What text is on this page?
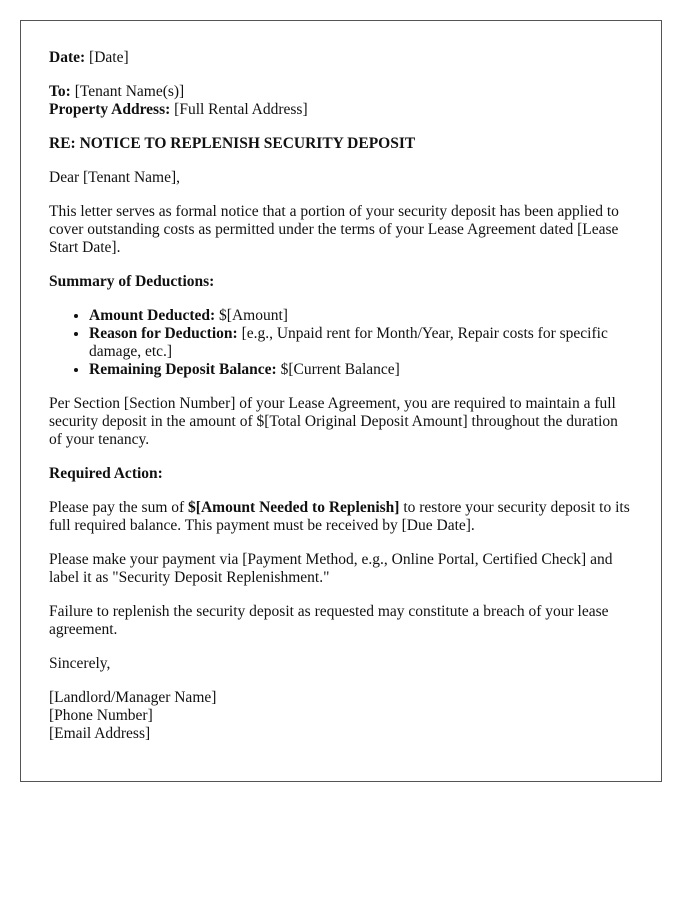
Date: [Date]

To: [Tenant Name(s)]

Property Address: [Full Rental Address]

RE: NOTICE TO REPLENISH SECURITY DEPOSIT

Dear [Tenant Name],

This letter serves as formal notice that a portion of your security deposit has been applied to cover outstanding costs as permitted under the terms of your Lease Agreement dated [Lease Start Date].

Summary of Deductions:

• Amount Deducted: $[Amount]
• Reason for Deduction: [e.g., Unpaid rent for Month/Year, Repair costs for specific damage, etc.]
• Remaining Deposit Balance: $[Current Balance]

Per Section [Section Number] of your Lease Agreement, you are required to maintain a full security deposit in the amount of $[Total Original Deposit Amount] throughout the duration of your tenancy.

Required Action:

Please pay the sum of $[Amount Needed to Replenish] to restore your security deposit to its full required balance. This payment must be received by [Due Date].

Please make your payment via [Payment Method, e.g., Online Portal, Certified Check] and label it as "Security Deposit Replenishment."

Failure to replenish the security deposit as requested may constitute a breach of your lease agreement.

Sincerely,

[Landlord/Manager Name]

[Phone Number]

[Email Address]
